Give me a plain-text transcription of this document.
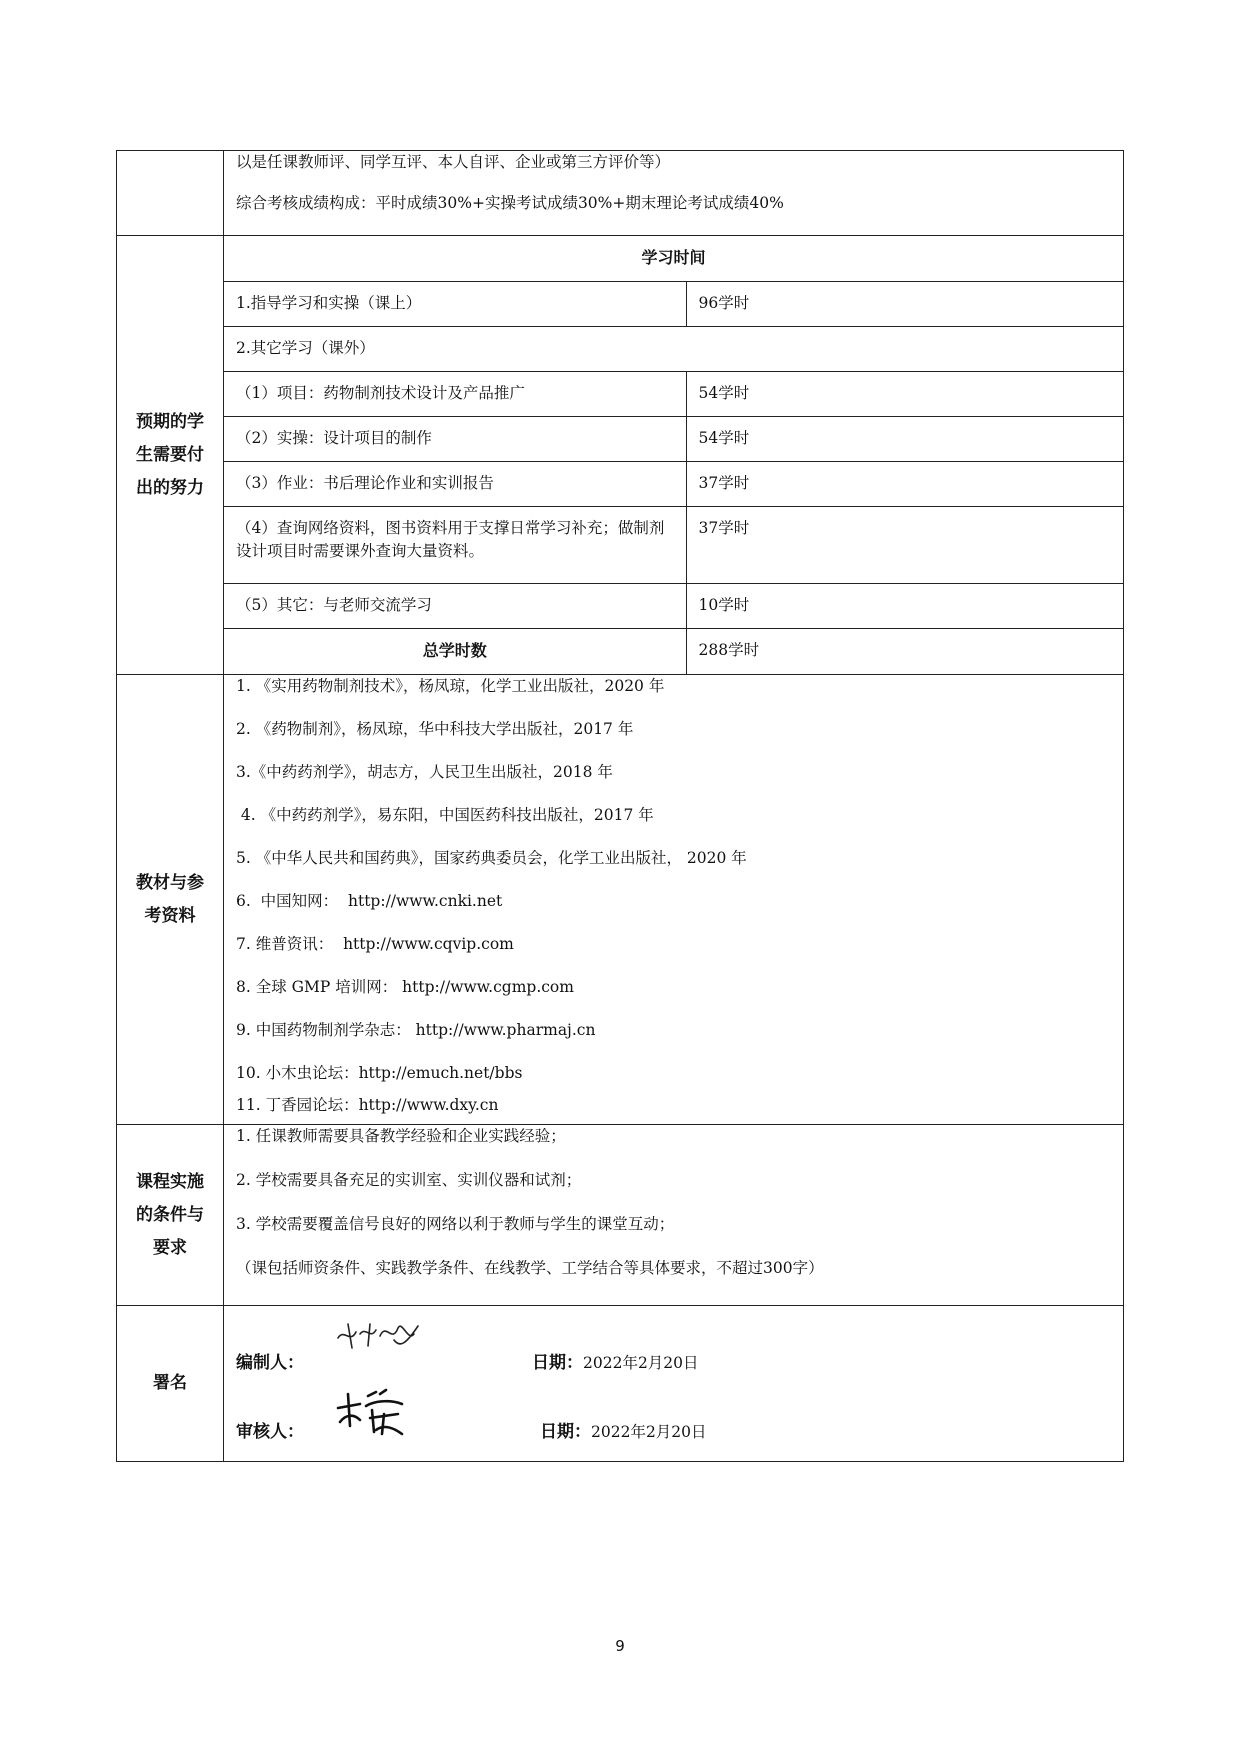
以是任课教师评、同学互评、本人自评、企业或第三方评价等）
综合考核成绩构成：平时成绩30%+实操考试成绩30%+期末理论考试成绩40%

预期的学生需要付出的努力	
学习时间
1.指导学习和实操（课上）	96学时
2.其它学习（课外）
（1）项目：药物制剂技术设计及产品推广	54学时
（2）实操：设计项目的制作	54学时
（3）作业：书后理论作业和实训报告	37学时
（4）查询网络资料，图书资料用于支撑日常学习补充；做制剂设计项目时需要课外查询大量资料。	37学时
（5）其它：与老师交流学习	10学时
总学时数	288学时

教材与参考资料	
1. 《实用药物制剂技术》，杨凤琼，化学工业出版社，2020 年
2. 《药物制剂》，杨凤琼，华中科技大学出版社，2017 年
3.《中药药剂学》，胡志方，人民卫生出版社，2018 年
4. 《中药药剂学》，易东阳，中国医药科技出版社，2017 年
5. 《中华人民共和国药典》，国家药典委员会，化学工业出版社， 2020 年
6.  中国知网：  http://www.cnki.net
7. 维普资讯：  http://www.cqvip.com
8. 全球 GMP 培训网： http://www.cgmp.com
9. 中国药物制剂学杂志： http://www.pharmaj.cn
10. 小木虫论坛：http://emuch.net/bbs
11. 丁香园论坛：http://www.dxy.cn

课程实施的条件与要求	
1. 任课教师需要具备教学经验和企业实践经验；
2. 学校需要具备充足的实训室、实训仪器和试剂；
3. 学校需要覆盖信号良好的网络以利于教师与学生的课堂互动；
（课包括师资条件、实践教学条件、在线教学、工学结合等具体要求，不超过300字）

署名	
编制人：	日期：2022年2月20日
审核人：	日期：2022年2月20日
9
